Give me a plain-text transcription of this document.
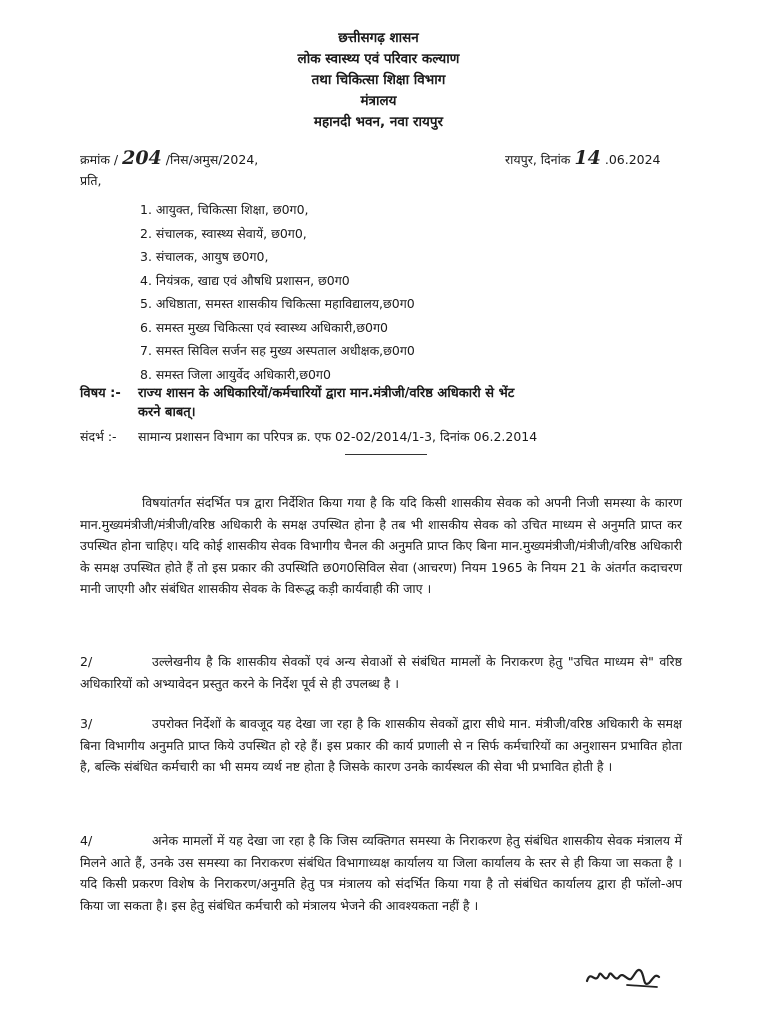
छत्तीसगढ़ शासन
लोक स्वास्थ्य एवं परिवार कल्याण
तथा चिकित्सा शिक्षा विभाग
मंत्रालय
महानदी भवन, नवा रायपुर
क्रमांक / 204 /निस/अमुस/2024,	रायपुर, दिनांक 14 .06.2024
प्रति,
1. आयुक्त, चिकित्सा शिक्षा, छ0ग0,
2. संचालक, स्वास्थ्य सेवायें, छ0ग0,
3. संचालक, आयुष छ0ग0,
4. नियंत्रक, खाद्य एवं औषधि प्रशासन, छ0ग0
5. अधिष्ठाता, समस्त शासकीय चिकित्सा महाविद्यालय,छ0ग0
6. समस्त मुख्य चिकित्सा एवं स्वास्थ्य अधिकारी,छ0ग0
7. समस्त सिविल सर्जन सह मुख्य अस्पताल अधीक्षक,छ0ग0
8. समस्त जिला आयुर्वेद अधिकारी,छ0ग0
विषय :- राज्य शासन के अधिकारियों/कर्मचारियों द्वारा मान.मंत्रीजी/वरिष्ठ अधिकारी से भेंट
करने बाबत्।
संदर्भ :- सामान्य प्रशासन विभाग का परिपत्र क्र. एफ 02-02/2014/1-3, दिनांक 06.2.2014

विषयांतर्गत संदर्भित पत्र द्वारा निर्देशित किया गया है कि यदि किसी शासकीय सेवक को अपनी निजी समस्या के कारण मान.मुख्यमंत्रीजी/मंत्रीजी/वरिष्ठ अधिकारी के समक्ष उपस्थित होना है तब भी शासकीय सेवक को उचित माध्यम से अनुमति प्राप्त कर उपस्थित होना चाहिए। यदि कोई शासकीय सेवक विभागीय चैनल की अनुमति प्राप्त किए बिना मान.मुख्यमंत्रीजी/मंत्रीजी/वरिष्ठ अधिकारी के समक्ष उपस्थित होते हैं तो इस प्रकार की उपस्थिति छ0ग0सिविल सेवा (आचरण) नियम 1965 के नियम 21 के अंतर्गत कदाचरण मानी जाएगी और संबंधित शासकीय सेवक के विरूद्ध कड़ी कार्यवाही की जाए ।

2/	उल्लेखनीय है कि शासकीय सेवकों एवं अन्य सेवाओं से संबंधित मामलों के निराकरण हेतु "उचित माध्यम से" वरिष्ठ अधिकारियों को अभ्यावेदन प्रस्तुत करने के निर्देश पूर्व से ही उपलब्ध है ।

3/	उपरोक्त निर्देशों के बावजूद यह देखा जा रहा है कि शासकीय सेवकों द्वारा सीधे मान. मंत्रीजी/वरिष्ठ अधिकारी के समक्ष बिना विभागीय अनुमति प्राप्त किये उपस्थित हो रहे हैं। इस प्रकार की कार्य प्रणाली से न सिर्फ कर्मचारियों का अनुशासन प्रभावित होता है, बल्कि संबंधित कर्मचारी का भी समय व्यर्थ नष्ट होता है जिसके कारण उनके कार्यस्थल की सेवा भी प्रभावित होती है ।

4/	अनेक मामलों में यह देखा जा रहा है कि जिस व्यक्तिगत समस्या के निराकरण हेतु संबंधित शासकीय सेवक मंत्रालय में मिलने आते हैं, उनके उस समस्या का निराकरण संबंधित विभागाध्यक्ष कार्यालय या जिला कार्यालय के स्तर से ही किया जा सकता है । यदि किसी प्रकरण विशेष के निराकरण/अनुमति हेतु पत्र मंत्रालय को संदर्भित किया गया है तो संबंधित कार्यालय द्वारा ही फॉलो-अप किया जा सकता है। इस हेतु संबंधित कर्मचारी को मंत्रालय भेजने की आवश्यकता नहीं है ।
